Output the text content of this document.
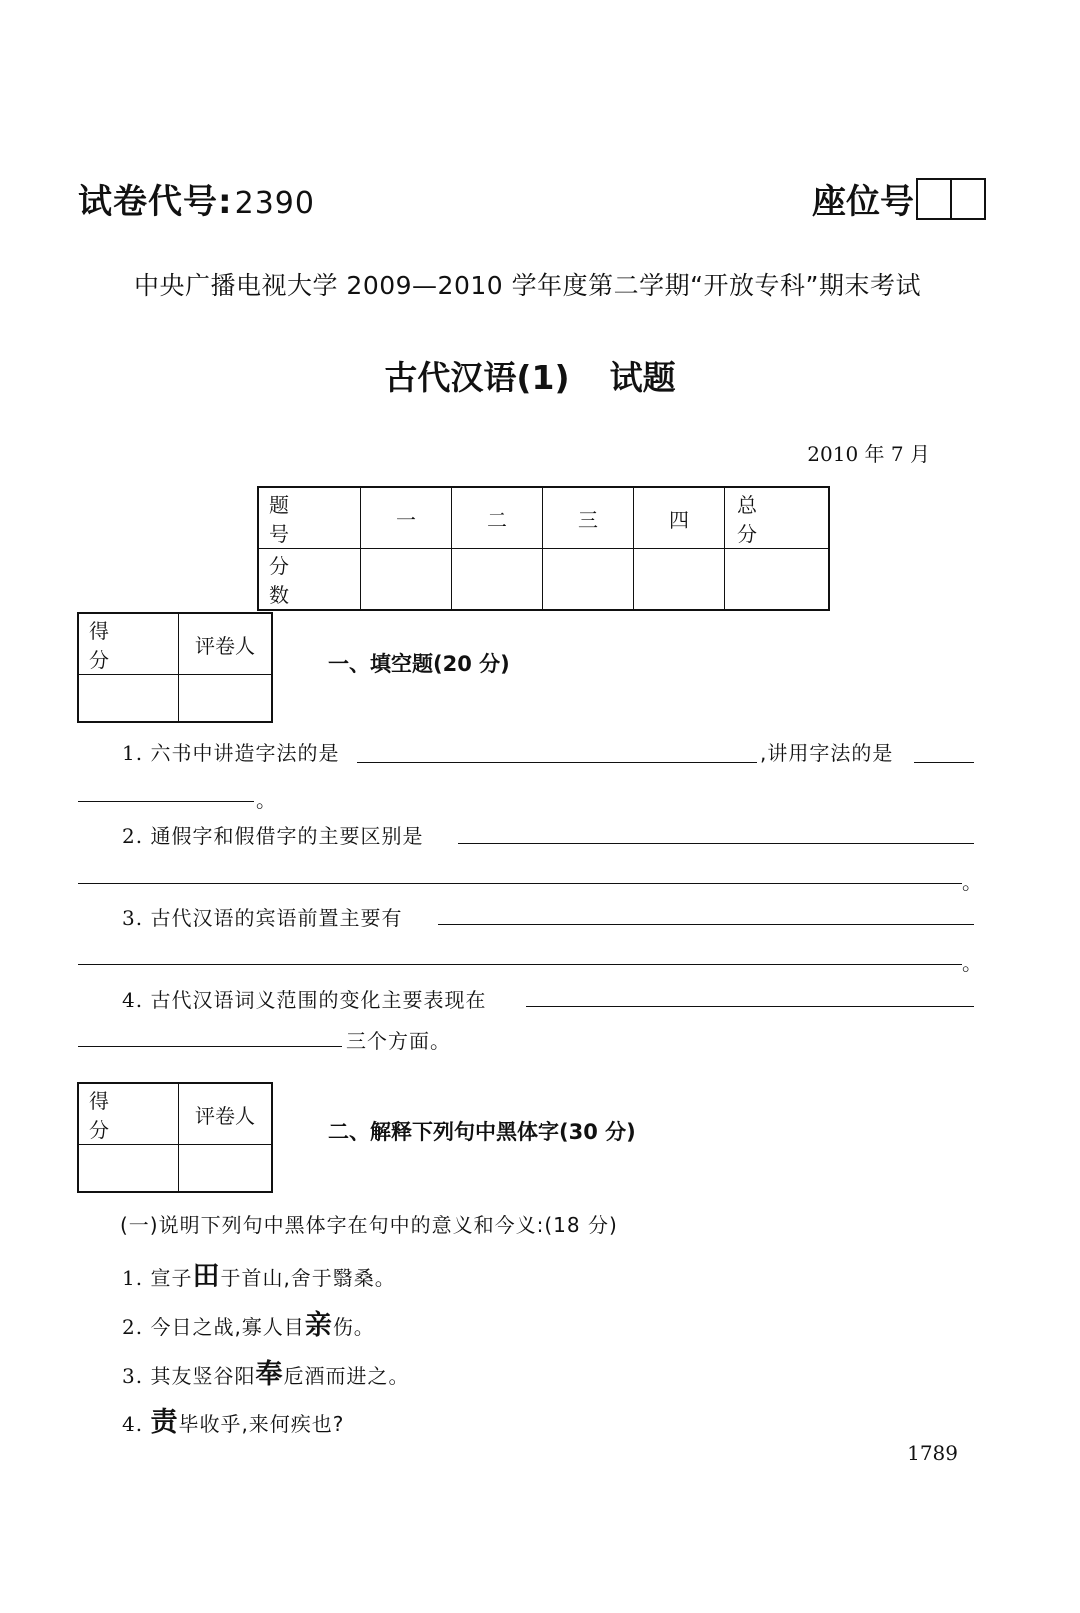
试卷代号:2390	座位号
中央广播电视大学 2009—2010 学年度第二学期“开放专科”期末考试
古代汉语(1) 试题
2010 年 7 月
题 号	一	二	三	四	总 分
分 数					
得 分	评卷人

一、填空题(20 分)
1. 六书中讲造字法的是	,讲用字法的是
。
2. 通假字和假借字的主要区别是
。
3. 古代汉语的宾语前置主要有
。
4. 古代汉语词义范围的变化主要表现在
三个方面。
得 分	评卷人

二、解释下列句中黑体字(30 分)
(一)说明下列句中黑体字在句中的意义和今义:(18 分)
1. 宣子田于首山,舍于翳桑。
2. 今日之战,寡人目亲伤。
3. 其友竖谷阳奉卮酒而进之。
4. 责毕收乎,来何疾也?
1789
